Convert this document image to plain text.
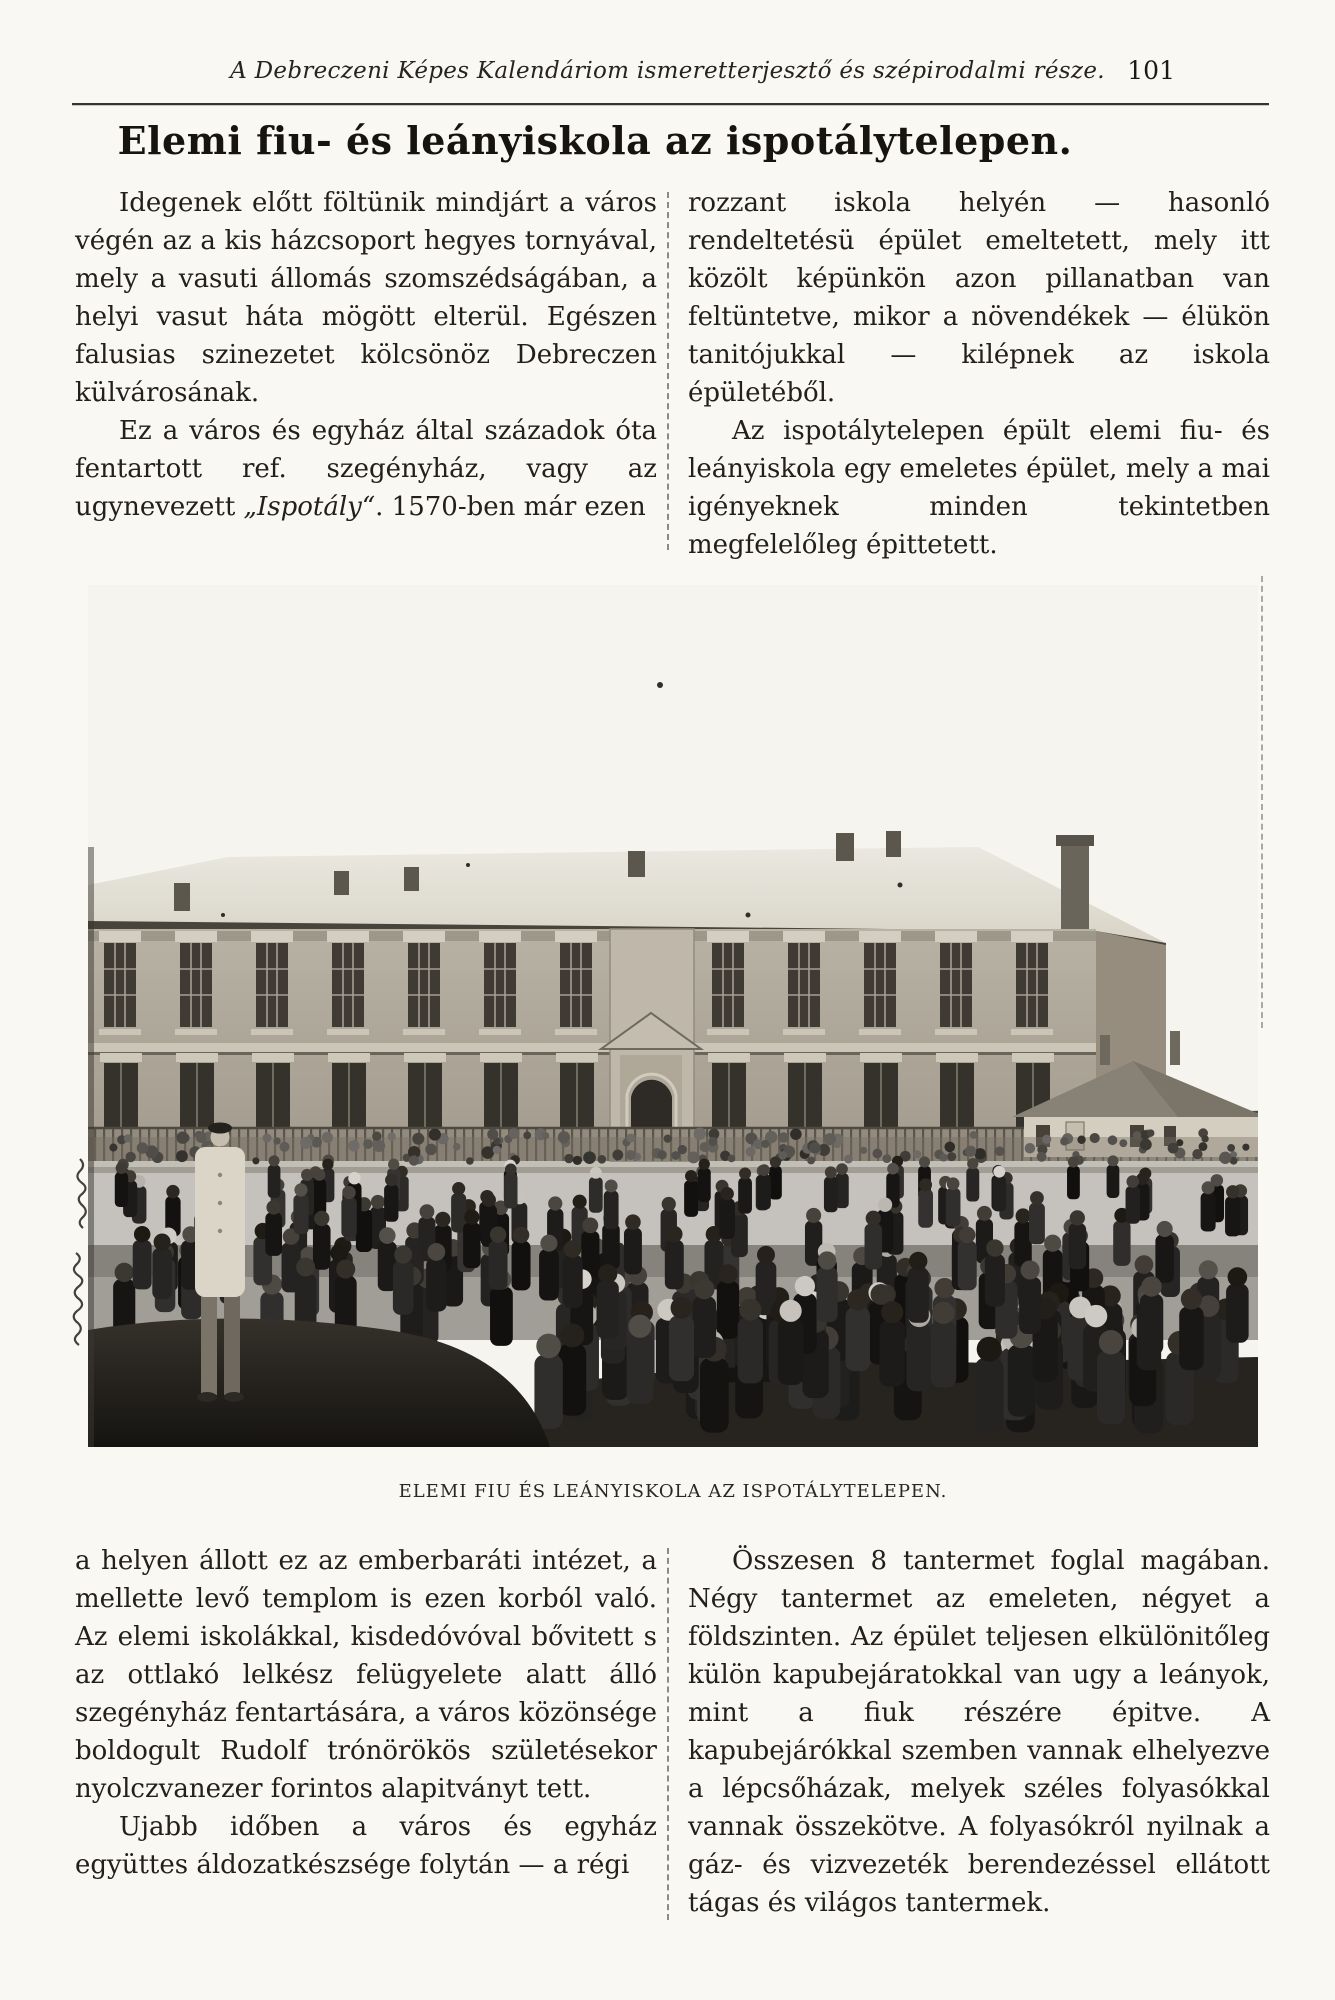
A Debreczeni Képes Kalendáriom ismeretterjesztő és szépirodalmi része. 101
Elemi fiu- és leányiskola az ispotálytelepen.

Idegenek előtt föltünik mindjárt a város végén az a kis házcsoport hegyes tornyával, mely a vasuti állomás szomszédságában, a helyi vasut háta mögött elterül. Egészen falusias szinezetet kölcsönöz Debreczen külvárosának.

Ez a város és egyház által századok óta fentartott ref. szegényház, vagy az ugynevezett „Ispotály“. 1570-ben már ezen

rozzant iskola helyén — hasonló rendeltetésü épület emeltetett, mely itt közölt képünkön azon pillanatban van feltüntetve, mikor a növendékek — élükön tanitójukkal — kilépnek az iskola épületéből.

Az ispotálytelepen épült elemi fiu- és leányiskola egy emeletes épület, mely a mai igényeknek minden tekintetben megfelelőleg épittetett.

ELEMI FIU ÉS LEÁNYISKOLA AZ ISPOTÁLYTELEPEN.

a helyen állott ez az emberbaráti intézet, a mellette levő templom is ezen korból való. Az elemi iskolákkal, kisdedóvóval bővitett s az ottlakó lelkész felügyelete alatt álló szegényház fentartására, a város közönsége boldogult Rudolf trónörökös születésekor nyolczvanezer forintos alapitványt tett.

Ujabb időben a város és egyház együttes áldozatkészsége folytán — a régi

Összesen 8 tantermet foglal magában. Négy tantermet az emeleten, négyet a földszinten. Az épület teljesen elkülönitőleg külön kapubejáratokkal van ugy a leányok, mint a fiuk részére épitve. A kapubejárókkal szemben vannak elhelyezve a lépcsőházak, melyek széles folyasókkal vannak összekötve. A folyasókról nyilnak a gáz- és vizvezeték berendezéssel ellátott tágas és világos tantermek.
